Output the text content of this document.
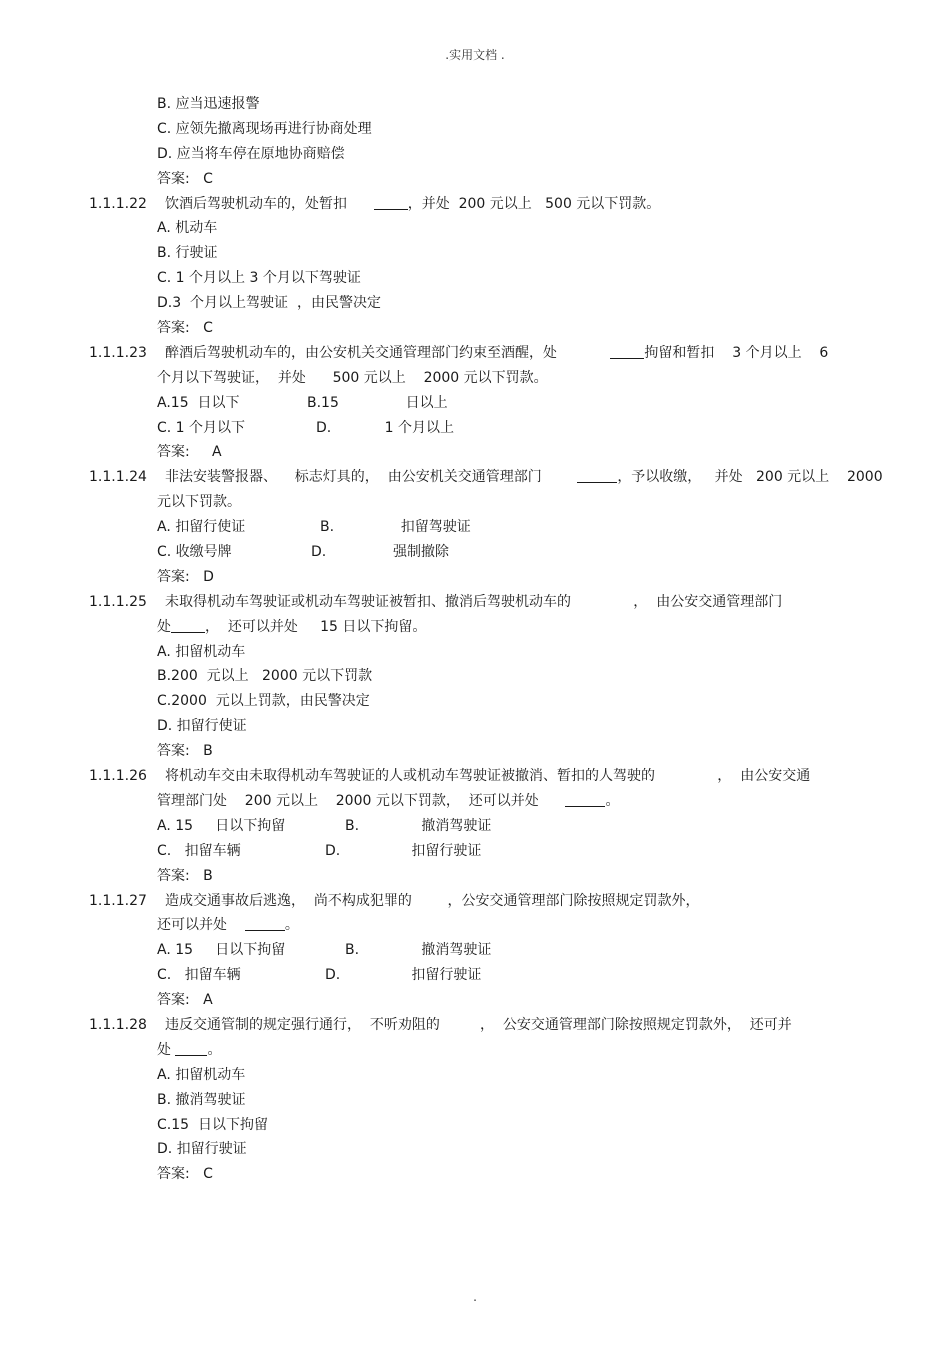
.实用文档 .
B. 应当迅速报警
C. 应领先撤离现场再进行协商处理
D. 应当将车停在原地协商赔偿
答案:   C
1.1.1.22 饮酒后驾驶机动车的，处暂扣      ，并处  200 元以上   500 元以下罚款。
A. 机动车
B. 行驶证
C. 1 个月以上 3 个月以下驾驶证
D.3  个月以上驾驶证  ，由民警决定
答案:   C
1.1.1.23 醉酒后驾驶机动车的，由公安机关交通管理部门约束至酒醒，处            拘留和暂扣    3 个月以上    6
个月以下驾驶证，  并处      500 元以上    2000 元以下罚款。
A.15  日以下	B.15               日以上
C. 1 个月以下	D.            1 个月以上
答案:     A
1.1.1.24 非法安装警报器、    标志灯具的，  由公安机关交通管理部门	，予以收缴，   并处   200 元以上    2000
元以下罚款。
A. 扣留行使证	B.               扣留驾驶证
C. 收缴号牌	D.               强制撤除
答案:   D
1.1.1.25 未取得机动车驾驶证或机动车驾驶证被暂扣、撤消后驾驶机动车的              ，  由公安交通管理部门
处 ，  还可以并处     15 日以下拘留。
A. 扣留机动车
B.200  元以上   2000 元以下罚款
C.2000  元以上罚款，由民警决定
D. 扣留行使证
答案:   B
1.1.1.26 将机动车交由未取得机动车驾驶证的人或机动车驾驶证被撤消、暂扣的人驾驶的              ，  由公安交通
管理部门处    200 元以上    2000 元以下罚款，  还可以并处	。
A. 15     日以下拘留	B.              撤消驾驶证
C.   扣留车辆	D.                扣留行驶证
答案:   B
1.1.1.27 造成交通事故后逃逸，  尚不构成犯罪的        ，公安交通管理部门除按照规定罚款外，
还可以并处	。
A. 15     日以下拘留	B.              撤消驾驶证
C.   扣留车辆	D.                扣留行驶证
答案:   A
1.1.1.28 违反交通管制的规定强行通行，  不听劝阻的         ，  公安交通管理部门除按照规定罚款外，  还可并
处 。
A. 扣留机动车
B. 撤消驾驶证
C.15  日以下拘留
D. 扣留行驶证
答案:   C
.
